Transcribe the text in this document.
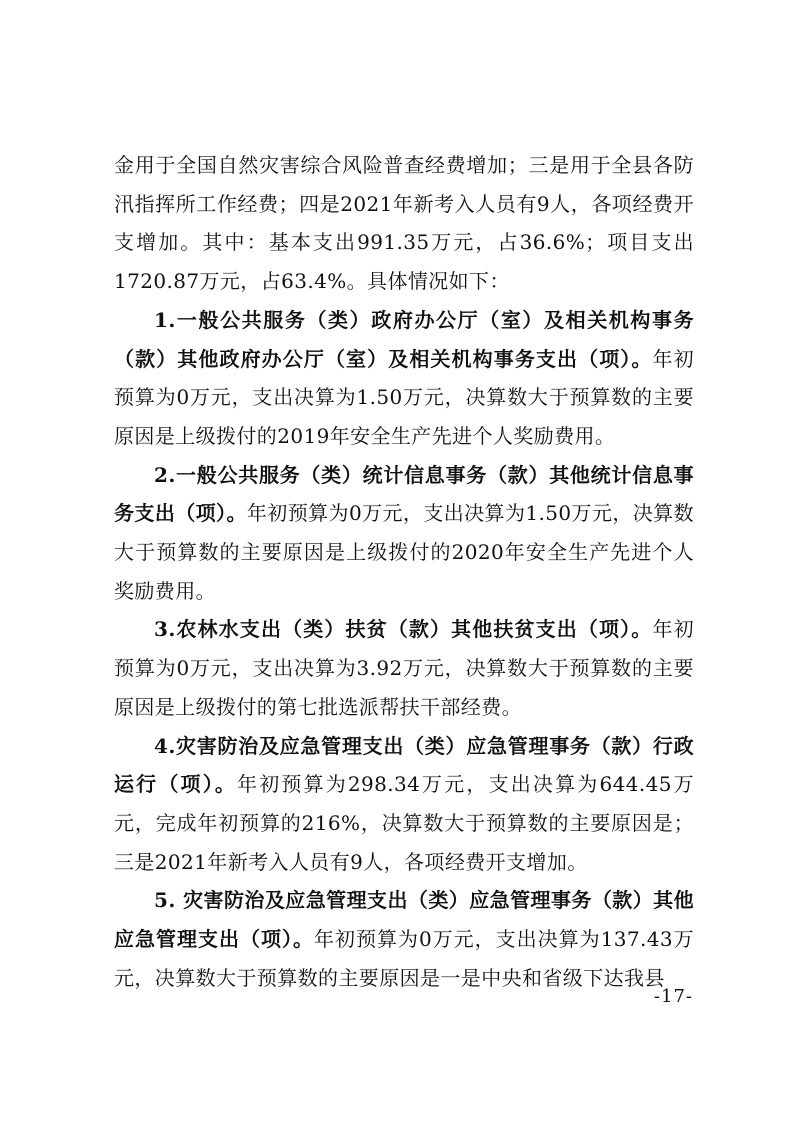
金用于全国自然灾害综合风险普查经费增加；三是用于全县各防汛指挥所工作经费；四是2021年新考入人员有9人，各项经费开支增加。其中：基本支出991.35万元，占36.6%；项目支出1720.87万元，占63.4%。具体情况如下：

1.一般公共服务（类）政府办公厅（室）及相关机构事务（款）其他政府办公厅（室）及相关机构事务支出（项）。年初预算为0万元，支出决算为1.50万元，决算数大于预算数的主要原因是上级拨付的2019年安全生产先进个人奖励费用。

2.一般公共服务（类）统计信息事务（款）其他统计信息事务支出（项）。年初预算为0万元，支出决算为1.50万元，决算数大于预算数的主要原因是上级拨付的2020年安全生产先进个人奖励费用。

3.农林水支出（类）扶贫（款）其他扶贫支出（项）。年初预算为0万元，支出决算为3.92万元，决算数大于预算数的主要原因是上级拨付的第七批选派帮扶干部经费。

4.灾害防治及应急管理支出（类）应急管理事务（款）行政运行（项）。年初预算为298.34万元，支出决算为644.45万元，完成年初预算的216%，决算数大于预算数的主要原因是；三是2021年新考入人员有9人，各项经费开支增加。

5. 灾害防治及应急管理支出（类）应急管理事务（款）其他应急管理支出（项）。年初预算为0万元，支出决算为137.43万元，决算数大于预算数的主要原因是一是中央和省级下达我县

-17-
